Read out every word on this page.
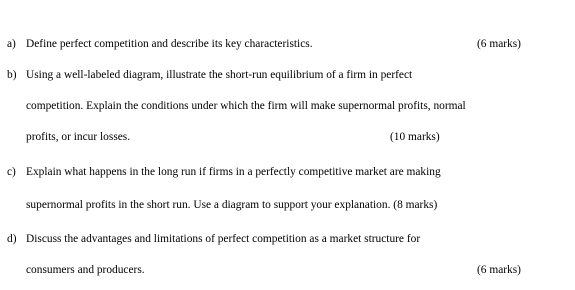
a) Define perfect competition and describe its key characteristics.	(6 marks)
b) Using a well-labeled diagram, illustrate the short-run equilibrium of a firm in perfect
competition. Explain the conditions under which the firm will make supernormal profits, normal
profits, or incur losses.	(10 marks)
c) Explain what happens in the long run if firms in a perfectly competitive market are making
supernormal profits in the short run. Use a diagram to support your explanation. (8 marks)
d) Discuss the advantages and limitations of perfect competition as a market structure for
consumers and producers.	(6 marks)
